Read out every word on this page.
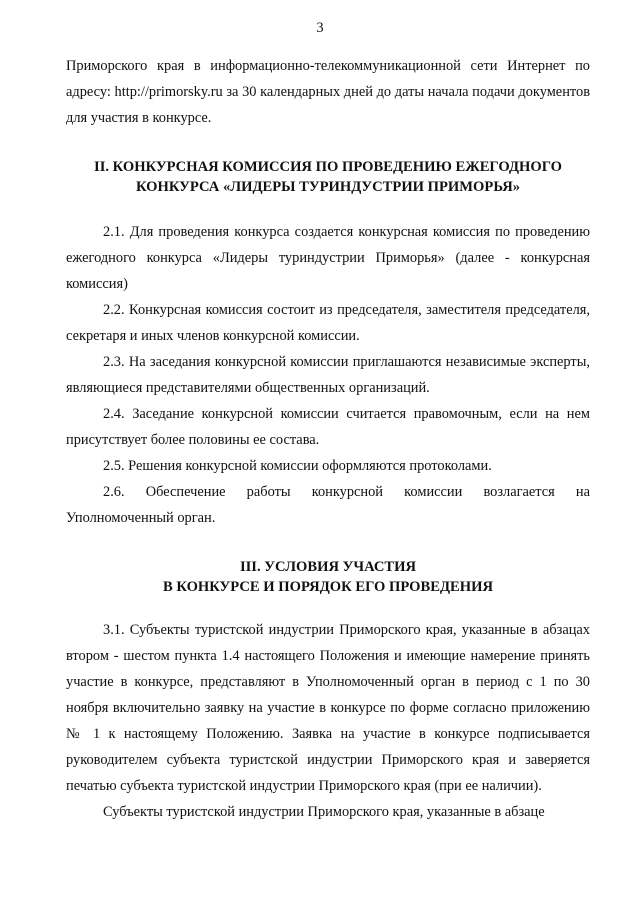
3

Приморского края в информационно-телекоммуникационной сети Интернет по адресу: http://primorsky.ru за 30 календарных дней до даты начала подачи документов для участия в конкурсе.

II. КОНКУРСНАЯ КОМИССИЯ ПО ПРОВЕДЕНИЮ ЕЖЕГОДНОГО
КОНКУРСА «ЛИДЕРЫ ТУРИНДУСТРИИ ПРИМОРЬЯ»

2.1. Для проведения конкурса создается конкурсная комиссия по проведению ежегодного конкурса «Лидеры туриндустрии Приморья» (далее - конкурсная комиссия)

2.2. Конкурсная комиссия состоит из председателя, заместителя председателя, секретаря и иных членов конкурсной комиссии.

2.3. На заседания конкурсной комиссии приглашаются независимые эксперты, являющиеся представителями общественных организаций.

2.4. Заседание конкурсной комиссии считается правомочным, если на нем присутствует более половины ее состава.

2.5. Решения конкурсной комиссии оформляются протоколами.

2.6. Обеспечение работы конкурсной комиссии возлагается на Уполномоченный орган.

III. УСЛОВИЯ УЧАСТИЯ
В КОНКУРСЕ И ПОРЯДОК ЕГО ПРОВЕДЕНИЯ

3.1. Субъекты туристской индустрии Приморского края, указанные в абзацах втором - шестом пункта 1.4 настоящего Положения и имеющие намерение принять участие в конкурсе, представляют в Уполномоченный орган в период с 1 по 30 ноября включительно заявку на участие в конкурсе по форме согласно приложению № 1 к настоящему Положению. Заявка на участие в конкурсе подписывается руководителем субъекта туристской индустрии Приморского края и заверяется печатью субъекта туристской индустрии Приморского края (при ее наличии).

Субъекты туристской индустрии Приморского края, указанные в абзаце
